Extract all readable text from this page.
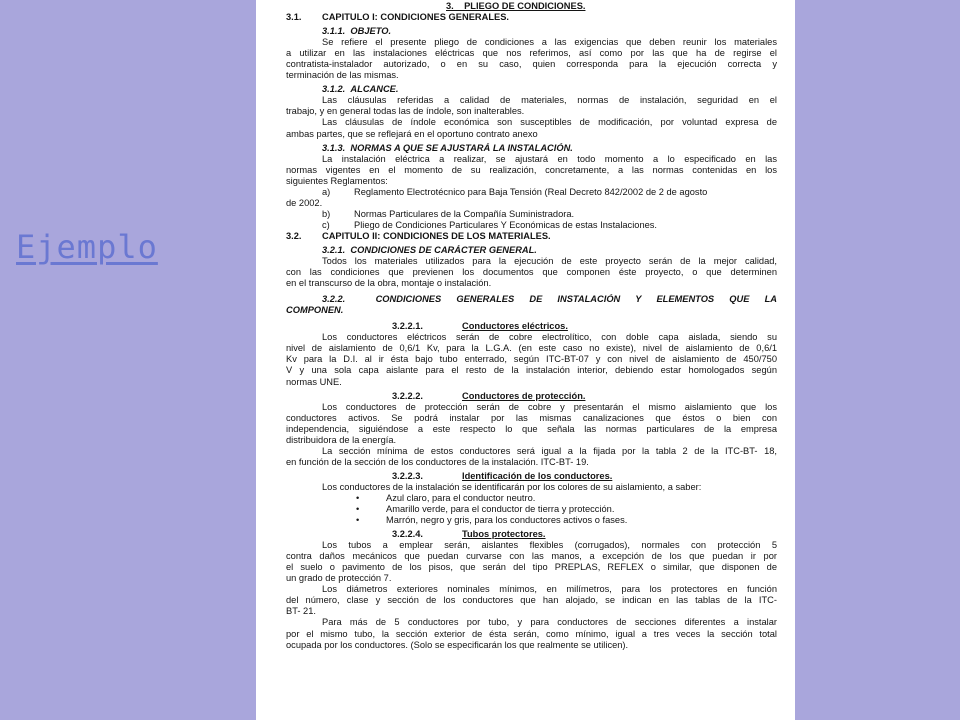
Ejemplo
3.    PLIEGO DE CONDICIONES.
3.1. CAPITULO I: CONDICIONES GENERALES.
3.1.1.  OBJETO.
Se refiere el presente pliego de condiciones a las exigencias que deben reunir los materiales
a utilizar en las instalaciones eléctricas que nos referimos, así como por las que ha de regirse el
contratista-instalador autorizado, o en su caso, quien corresponda para la ejecución correcta y
terminación de las mismas.
3.1.2.  ALCANCE.
Las cláusulas referidas a calidad de materiales, normas de instalación, seguridad en el
trabajo, y en general todas las de índole, son inalterables.
Las cláusulas de índole económica son susceptibles de modificación, por voluntad expresa de
ambas partes, que se reflejará en el oportuno contrato anexo
3.1.3.  NORMAS A QUE SE AJUSTARÁ LA INSTALACIÓN.
La instalación eléctrica a realizar, se ajustará en todo momento a lo especificado en las
normas vigentes en el momento de su realización, concretamente, a las normas contenidas en los
siguientes Reglamentos:
a)	Reglamento Electrotécnico para Baja Tensión (Real Decreto 842/2002 de 2 de agosto
de 2002.
b)	Normas Particulares de la Compañía Suministradora.
c)	Pliego de Condiciones Particulares Y Económicas de estas Instalaciones.
3.2. CAPITULO II: CONDICIONES DE LOS MATERIALES.
3.2.1.  CONDICIONES DE CARÁCTER GENERAL.
Todos los materiales utilizados para la ejecución de este proyecto serán de la mejor calidad,
con las condiciones que previenen los documentos que componen éste proyecto, o que determinen
en el transcurso de la obra, montaje o instalación.
3.2.2.  CONDICIONES GENERALES DE INSTALACIÓN Y ELEMENTOS QUE LA
COMPONEN.
3.2.2.1.	Conductores eléctricos.
Los conductores eléctricos serán de cobre electrolítico, con doble capa aislada, siendo su
nivel de aislamiento de 0,6/1 Kv, para la L.G.A. (en este caso no existe), nivel de aislamiento de 0,6/1
Kv para la D.I. al ir ésta bajo tubo enterrado, según ITC-BT-07 y con nivel de aislamiento de 450/750
V y una sola capa aislante para el resto de la instalación interior, debiendo estar homologados según
normas UNE.
3.2.2.2.	Conductores de protección.
Los conductores de protección serán de cobre y presentarán el mismo aislamiento que los
conductores activos. Se podrá instalar por las mismas canalizaciones que éstos o bien con
independencia, siguiéndose a este respecto lo que señala las normas particulares de la empresa
distribuidora de la energía.
La sección mínima de estos conductores será igual a la fijada por la tabla 2 de la ITC-BT- 18,
en función de la sección de los conductores de la instalación. ITC-BT- 19.
3.2.2.3.	Identificación de los conductores.
Los conductores de la instalación se identificarán por los colores de su aislamiento, a saber:
•	Azul claro, para el conductor neutro.
•	Amarillo verde, para el conductor de tierra y protección.
•	Marrón, negro y gris, para los conductores activos o fases.
3.2.2.4.	Tubos protectores.
Los tubos a emplear serán, aislantes flexibles (corrugados), normales con protección 5
contra daños mecánicos que puedan curvarse con las manos, a excepción de los que puedan ir por
el suelo o pavimento de los pisos, que serán del tipo PREPLAS, REFLEX o similar, que disponen de
un grado de protección 7.
Los diámetros exteriores nominales mínimos, en milímetros, para los protectores en función
del número, clase y sección de los conductores que han alojado, se indican en las tablas de la ITC-
BT- 21.
Para más de 5 conductores por tubo, y para conductores de secciones diferentes a instalar
por el mismo tubo, la sección exterior de ésta serán, como mínimo, igual a tres veces la sección total
ocupada por los conductores. (Solo se especificarán los que realmente se utilicen).
